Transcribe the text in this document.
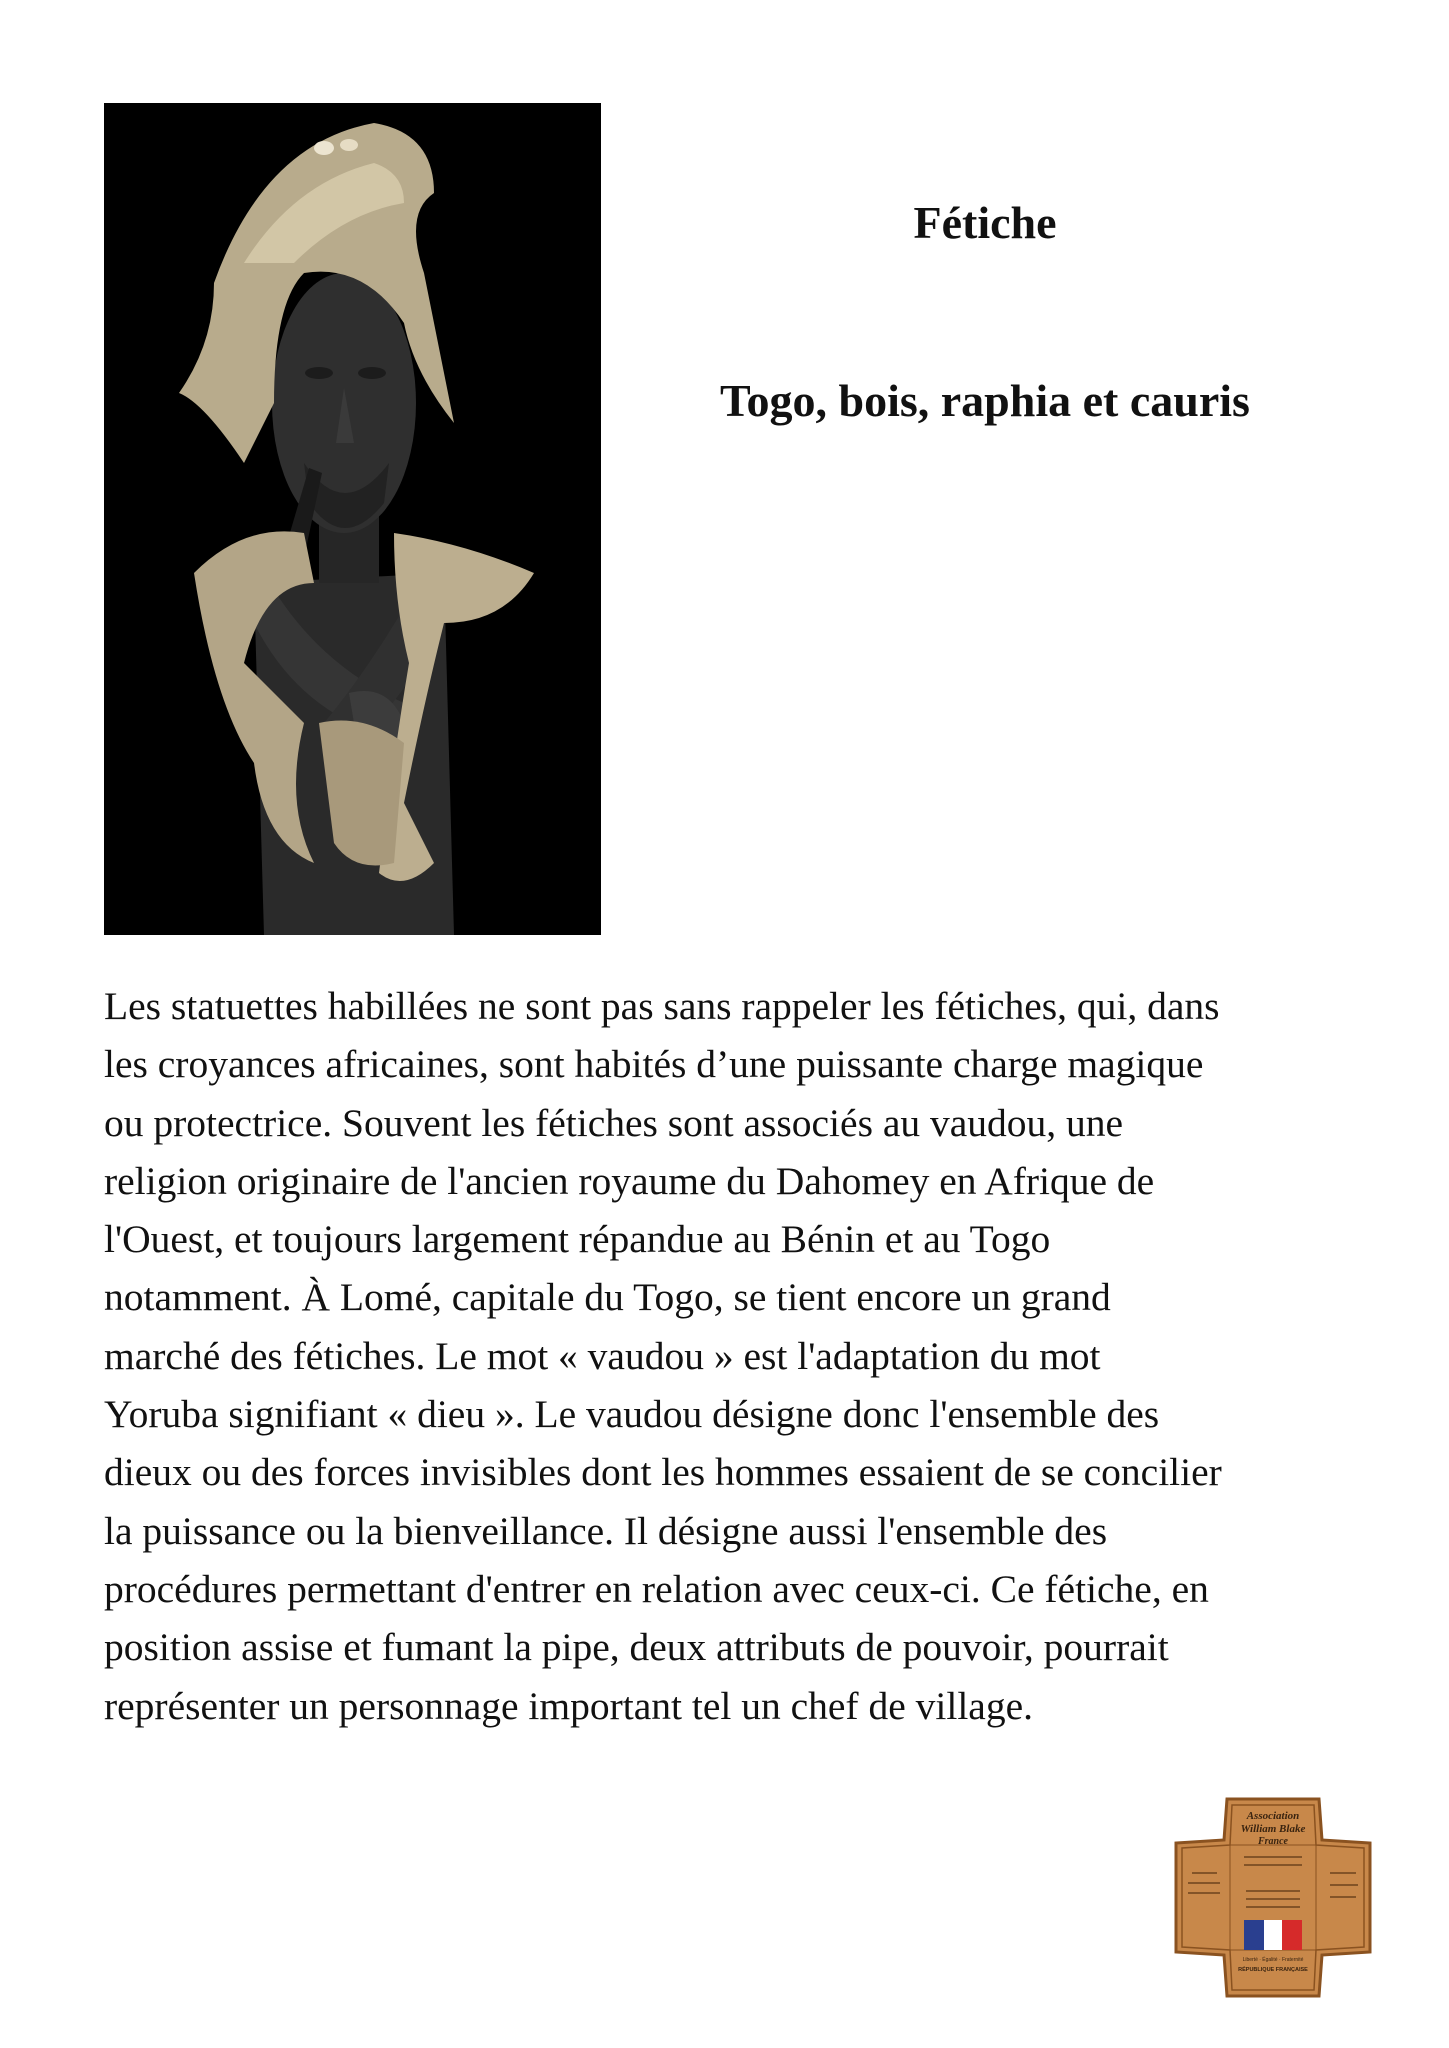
Fétiche
Togo, bois, raphia et cauris

Les statuettes habillées ne sont pas sans rappeler les fétiches, qui, dans
les croyances africaines, sont habités d’une puissante charge magique
ou protectrice. Souvent les fétiches sont associés au vaudou, une
religion originaire de l'ancien royaume du Dahomey en Afrique de
l'Ouest, et toujours largement répandue au Bénin et au Togo
notamment. À Lomé, capitale du Togo, se tient encore un grand
marché des fétiches. Le mot « vaudou » est l'adaptation du mot
Yoruba signifiant « dieu ». Le vaudou désigne donc l'ensemble des
dieux ou des forces invisibles dont les hommes essaient de se concilier
la puissance ou la bienveillance. Il désigne aussi l'ensemble des
procédures permettant d'entrer en relation avec ceux-ci. Ce fétiche, en
position assise et fumant la pipe, deux attributs de pouvoir, pourrait
représenter un personnage important tel un chef de village.

Association
William Blake
France
Liberté · Égalité · Fraternité
RÉPUBLIQUE FRANÇAISE
